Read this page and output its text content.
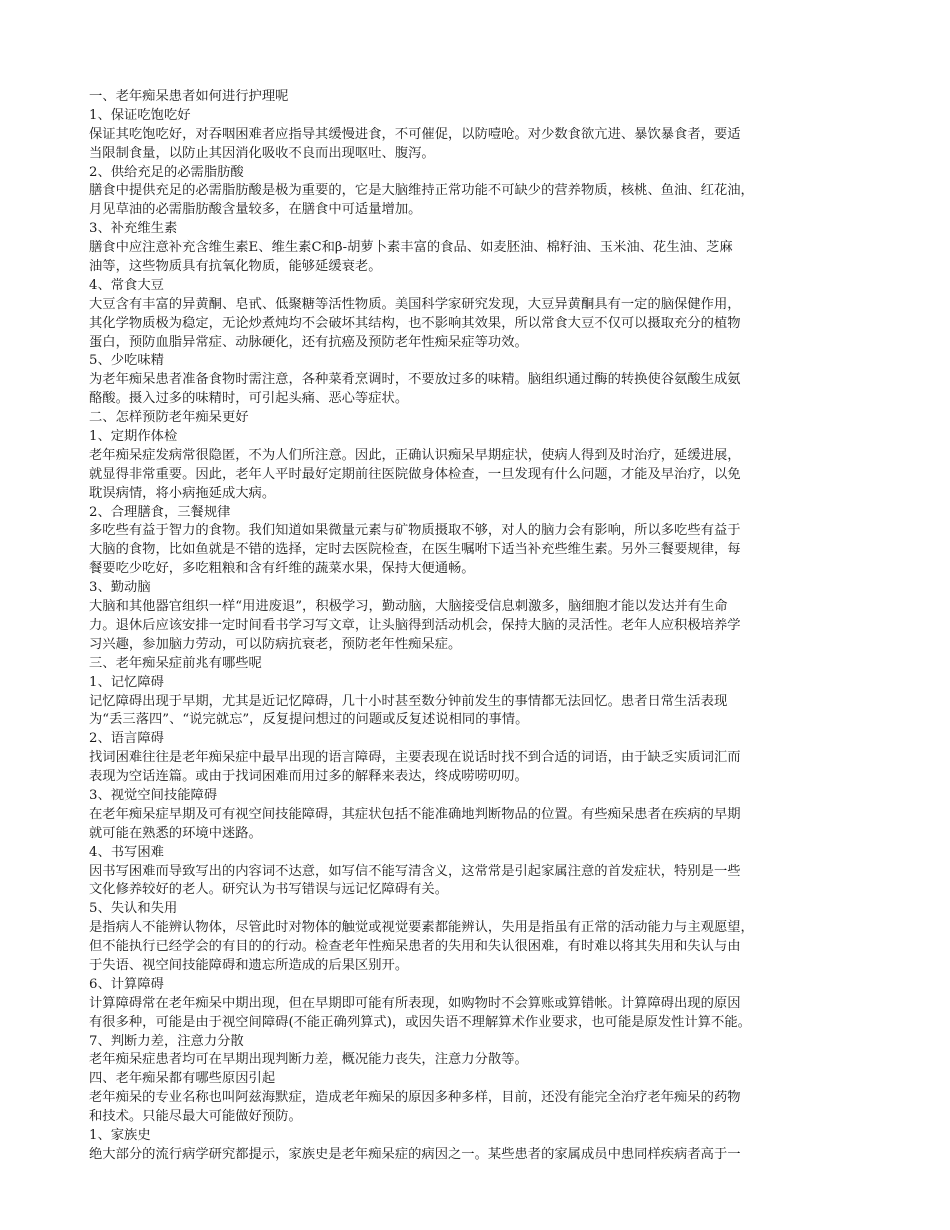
一、老年痴呆患者如何进行护理呢
1、保证吃饱吃好
保证其吃饱吃好，对吞咽困难者应指导其缓慢进食，不可催促，以防噎呛。对少数食欲亢进、暴饮暴食者，要适
当限制食量，以防止其因消化吸收不良而出现呕吐、腹泻。
2、供给充足的必需脂肪酸
膳食中提供充足的必需脂肪酸是极为重要的，它是大脑维持正常功能不可缺少的营养物质，核桃、鱼油、红花油，
月见草油的必需脂肪酸含量较多，在膳食中可适量增加。
3、补充维生素
膳食中应注意补充含维生素E、维生素C和β-胡萝卜素丰富的食品、如麦胚油、棉籽油、玉米油、花生油、芝麻
油等，这些物质具有抗氧化物质，能够延缓衰老。
4、常食大豆
大豆含有丰富的异黄酮、皂甙、低聚糖等活性物质。美国科学家研究发现，大豆异黄酮具有一定的脑保健作用，
其化学物质极为稳定，无论炒煮炖均不会破坏其结构，也不影响其效果，所以常食大豆不仅可以摄取充分的植物
蛋白，预防血脂异常症、动脉硬化，还有抗癌及预防老年性痴呆症等功效。
5、少吃味精
为老年痴呆患者准备食物时需注意，各种菜肴烹调时，不要放过多的味精。脑组织通过酶的转换使谷氨酸生成氨
酪酸。摄入过多的味精时，可引起头痛、恶心等症状。
二、怎样预防老年痴呆更好
1、定期作体检
老年痴呆症发病常很隐匿，不为人们所注意。因此，正确认识痴呆早期症状，使病人得到及时治疗，延缓进展，
就显得非常重要。因此，老年人平时最好定期前往医院做身体检查，一旦发现有什么问题，才能及早治疗，以免
耽误病情，将小病拖延成大病。
2、合理膳食，三餐规律
多吃些有益于智力的食物。我们知道如果微量元素与矿物质摄取不够，对人的脑力会有影响，所以多吃些有益于
大脑的食物，比如鱼就是不错的选择，定时去医院检查，在医生嘱咐下适当补充些维生素。另外三餐要规律，每
餐要吃少吃好，多吃粗粮和含有纤维的蔬菜水果，保持大便通畅。
3、勤动脑
大脑和其他器官组织一样“用进废退”，积极学习，勤动脑，大脑接受信息刺激多，脑细胞才能以发达并有生命
力。退休后应该安排一定时间看书学习写文章，让头脑得到活动机会，保持大脑的灵活性。老年人应积极培养学
习兴趣，参加脑力劳动，可以防病抗衰老，预防老年性痴呆症。
三、老年痴呆症前兆有哪些呢
1、记忆障碍
记忆障碍出现于早期，尤其是近记忆障碍，几十小时甚至数分钟前发生的事情都无法回忆。患者日常生活表现
为“丢三落四”、“说完就忘”，反复提问想过的问题或反复述说相同的事情。
2、语言障碍
找词困难往往是老年痴呆症中最早出现的语言障碍，主要表现在说话时找不到合适的词语，由于缺乏实质词汇而
表现为空话连篇。或由于找词困难而用过多的解释来表达，终成唠唠叨叨。
3、视觉空间技能障碍
在老年痴呆症早期及可有视空间技能障碍，其症状包括不能准确地判断物品的位置。有些痴呆患者在疾病的早期
就可能在熟悉的环境中迷路。
4、书写困难
因书写困难而导致写出的内容词不达意，如写信不能写清含义，这常常是引起家属注意的首发症状，特别是一些
文化修养较好的老人。研究认为书写错误与远记忆障碍有关。
5、失认和失用
是指病人不能辨认物体，尽管此时对物体的触觉或视觉要素都能辨认，失用是指虽有正常的活动能力与主观愿望，
但不能执行已经学会的有目的的行动。检查老年性痴呆患者的失用和失认很困难，有时难以将其失用和失认与由
于失语、视空间技能障碍和遗忘所造成的后果区别开。
6、计算障碍
计算障碍常在老年痴呆中期出现，但在早期即可能有所表现，如购物时不会算账或算错帐。计算障碍出现的原因
有很多种，可能是由于视空间障碍(不能正确列算式)，或因失语不理解算术作业要求，也可能是原发性计算不能。
7、判断力差，注意力分散
老年痴呆症患者均可在早期出现判断力差，概况能力丧失，注意力分散等。
四、老年痴呆都有哪些原因引起
老年痴呆的专业名称也叫阿兹海默症，造成老年痴呆的原因多种多样，目前，还没有能完全治疗老年痴呆的药物
和技术。只能尽最大可能做好预防。
1、家族史
绝大部分的流行病学研究都提示，家族史是老年痴呆症的病因之一。某些患者的家属成员中患同样疾病者高于一
